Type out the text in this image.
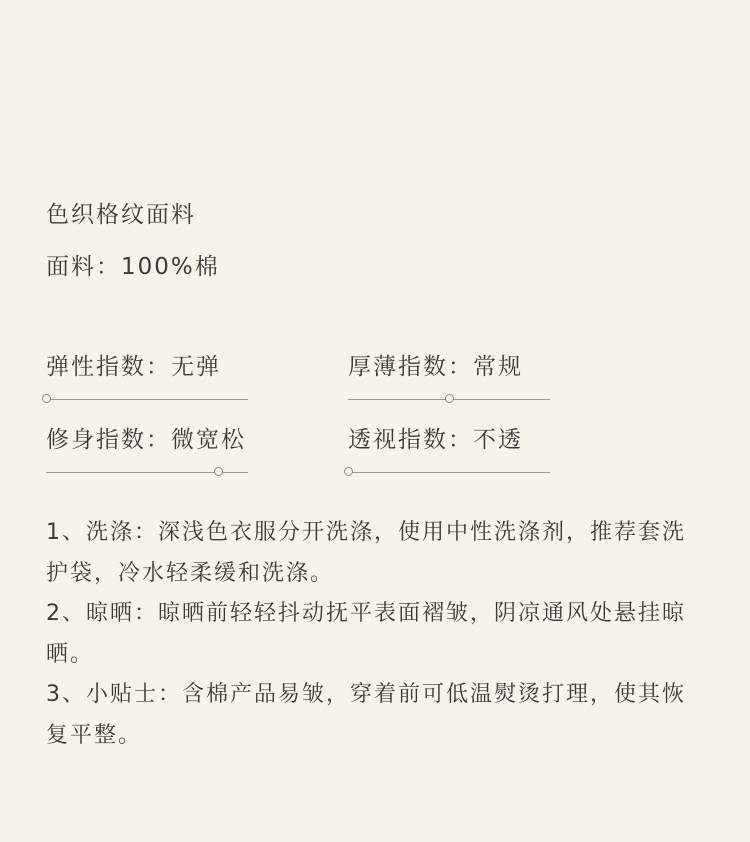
色织格纹面料
面料：100%棉
弹性指数：无弹	厚薄指数：常规
修身指数：微宽松	透视指数：不透

1、洗涤：深浅色衣服分开洗涤，使用中性洗涤剂，推荐套洗护袋，冷水轻柔缓和洗涤。

2、晾晒：晾晒前轻轻抖动抚平表面褶皱，阴凉通风处悬挂晾晒。

3、小贴士：含棉产品易皱，穿着前可低温熨烫打理，使其恢复平整。
